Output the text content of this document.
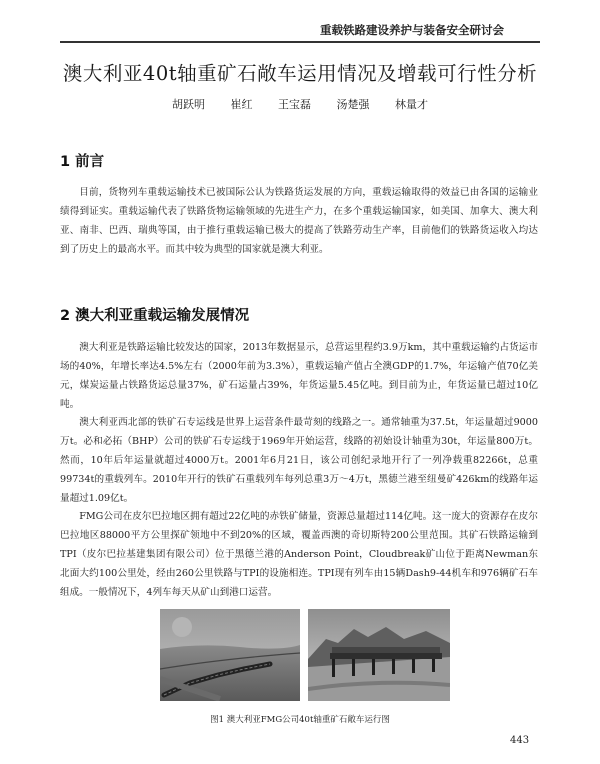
重载铁路建设养护与装备安全研讨会
澳大利亚40t轴重矿石敞车运用情况及增载可行性分析
胡跃明 崔红 王宝磊 汤楚强 林量才
1 前言

目前，货物列车重载运输技术已被国际公认为铁路货运发展的方向，重载运输取得的效益已由各国的运输业绩得到证实。重载运输代表了铁路货物运输领域的先进生产力，在多个重载运输国家，如美国、加拿大、澳大利亚、南非、巴西、瑞典等国，由于推行重载运输已极大的提高了铁路劳动生产率，目前他们的铁路货运收入均达到了历史上的最高水平。而其中较为典型的国家就是澳大利亚。

2 澳大利亚重载运输发展情况

澳大利亚是铁路运输比较发达的国家，2013年数据显示，总营运里程约3.9万km，其中重载运输约占货运市场的40%，年增长率达4.5%左右（2000年前为3.3%），重载运输产值占全澳GDP的1.7%，年运输产值70亿美元，煤炭运量占铁路货运总量37%，矿石运量占39%，年货运量5.45亿吨。到目前为止，年货运量已超过10亿吨。

澳大利亚西北部的铁矿石专运线是世界上运营条件最苛刻的线路之一。通常轴重为37.5t，年运量超过9000万t。必和必拓（BHP）公司的铁矿石专运线于1969年开始运营，线路的初始设计轴重为30t，年运量800万t。然而，10年后年运量就超过4000万t。2001年6月21日，该公司创纪录地开行了一列净载重82266t，总重99734t的重载列车。2010年开行的铁矿石重载列车每列总重3万～4万t，黑德兰港至纽曼矿426km的线路年运量超过1.09亿t。

FMG公司在皮尔巴拉地区拥有超过22亿吨的赤铁矿储量，资源总量超过114亿吨。这一庞大的资源存在皮尔巴拉地区88000平方公里探矿领地中不到20%的区域，覆盖西澳的奇切斯特200公里范围。其矿石铁路运输到TPI（皮尔巴拉基建集团有限公司）位于黑德兰港的Anderson Point，Cloudbreak矿山位于距离Newman东北面大约100公里处，经由260公里铁路与TPI的设施相连。TPI现有列车由15辆Dash9-44机车和976辆矿石车组成。一般情况下，4列车每天从矿山到港口运营。

图1 澳大利亚FMG公司40t轴重矿石敞车运行图
443
